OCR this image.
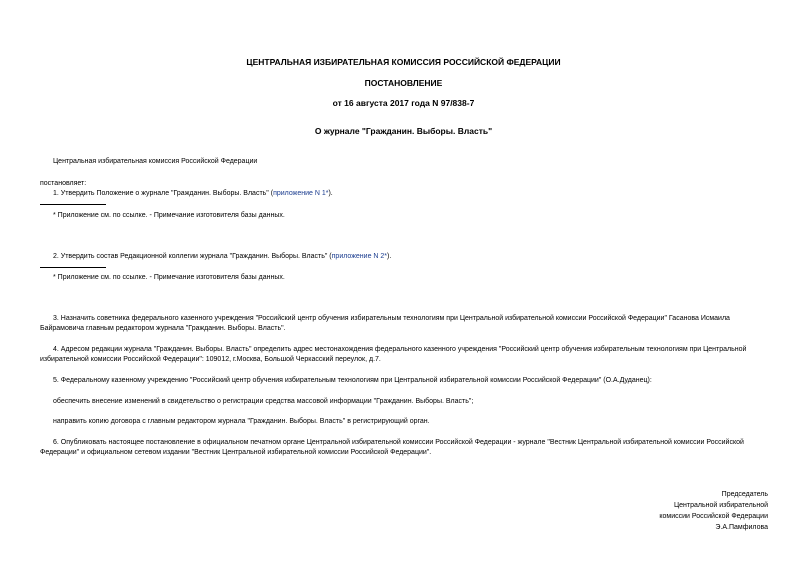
ЦЕНТРАЛЬНАЯ ИЗБИРАТЕЛЬНАЯ КОМИССИЯ РОССИЙСКОЙ ФЕДЕРАЦИИ
ПОСТАНОВЛЕНИЕ
от 16 августа 2017 года N 97/838-7
О журнале "Гражданин. Выборы. Власть"
Центральная избирательная комиссия Российской Федерации
постановляет:
1. Утвердить Положение о журнале "Гражданин. Выборы. Власть" (приложение N 1*).
* Приложение см. по ссылке. - Примечание изготовителя базы данных.
2. Утвердить состав Редакционной коллегии журнала "Гражданин. Выборы. Власть" (приложение N 2*).
* Приложение см. по ссылке. - Примечание изготовителя базы данных.
3. Назначить советника федерального казенного учреждения "Российский центр обучения избирательным технологиям при Центральной избирательной комиссии Российской Федерации" Гасанова Исмаила
Байрамовича главным редактором журнала "Гражданин. Выборы. Власть".
4. Адресом редакции журнала "Гражданин. Выборы. Власть" определить адрес местонахождения федерального казенного учреждения "Российский центр обучения избирательным технологиям при Центральной
избирательной комиссии Российской Федерации": 109012, г.Москва, Большой Черкасский переулок, д.7.
5. Федеральному казенному учреждению "Российский центр обучения избирательным технологиям при Центральной избирательной комиссии Российской Федерации" (О.А.Дуданец):
обеспечить внесение изменений в свидетельство о регистрации средства массовой информации "Гражданин. Выборы. Власть";
направить копию договора с главным редактором журнала "Гражданин. Выборы. Власть" в регистрирующий орган.
6. Опубликовать настоящее постановление в официальном печатном органе Центральной избирательной комиссии Российской Федерации - журнале "Вестник Центральной избирательной комиссии Российской
Федерации" и официальном сетевом издании "Вестник Центральной избирательной комиссии Российской Федерации".
Председатель
Центральной избирательной
комиссии Российской Федерации
Э.А.Памфилова
